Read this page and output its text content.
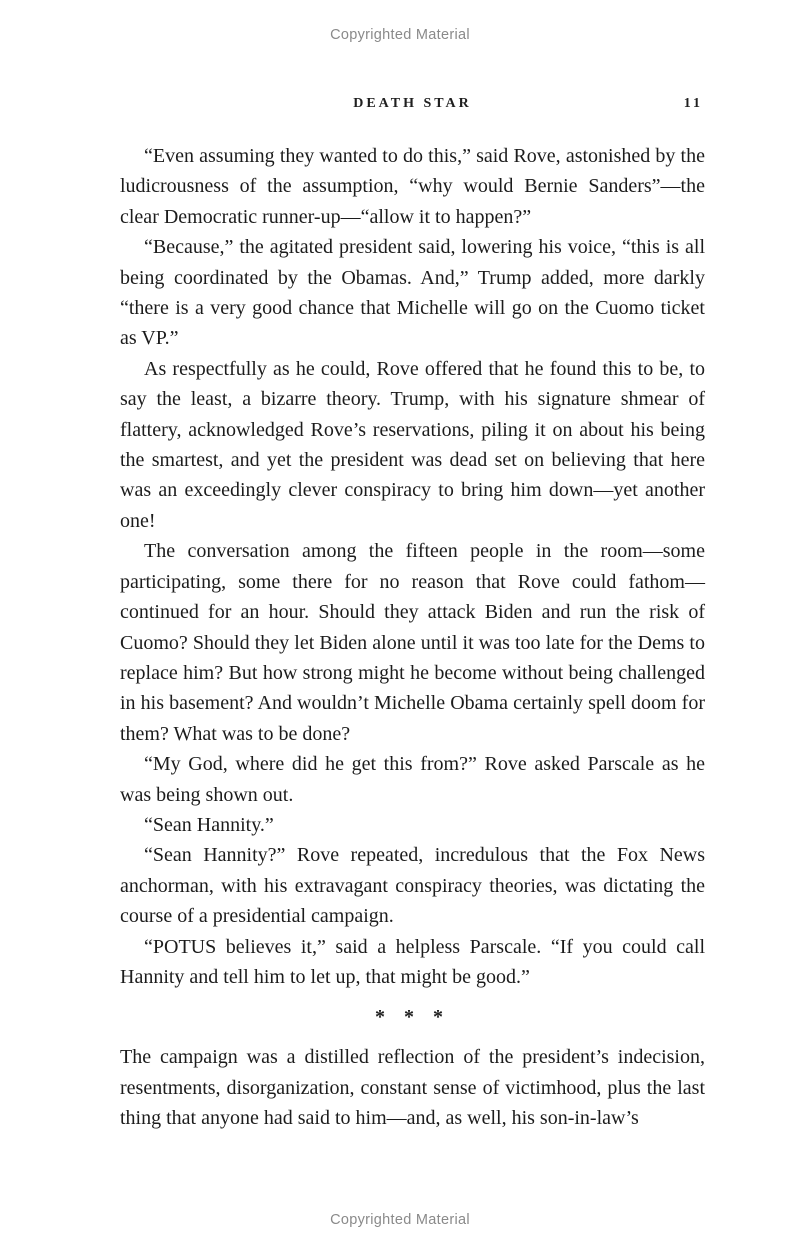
Copyrighted Material
DEATH STAR	11

“Even assuming they wanted to do this,” said Rove, astonished by the ludicrousness of the assumption, “why would Bernie Sanders”—the clear Democratic runner-up—“allow it to happen?”

“Because,” the agitated president said, lowering his voice, “this is all being coordinated by the Obamas. And,” Trump added, more darkly “there is a very good chance that Michelle will go on the Cuomo ticket as VP.”

As respectfully as he could, Rove offered that he found this to be, to say the least, a bizarre theory. Trump, with his signature shmear of flattery, acknowledged Rove’s reservations, piling it on about his being the smartest, and yet the president was dead set on believing that here was an exceedingly clever conspiracy to bring him down—yet another one!

The conversation among the fifteen people in the room—some participating, some there for no reason that Rove could fathom—continued for an hour. Should they attack Biden and run the risk of Cuomo? Should they let Biden alone until it was too late for the Dems to replace him? But how strong might he become without being challenged in his basement? And wouldn’t Michelle Obama certainly spell doom for them? What was to be done?

“My God, where did he get this from?” Rove asked Parscale as he was being shown out.

“Sean Hannity.”

“Sean Hannity?” Rove repeated, incredulous that the Fox News anchorman, with his extravagant conspiracy theories, was dictating the course of a presidential campaign.

“POTUS believes it,” said a helpless Parscale. “If you could call Hannity and tell him to let up, that might be good.”

* * *

The campaign was a distilled reflection of the president’s indecision, resentments, disorganization, constant sense of victimhood, plus the last thing that anyone had said to him—and, as well, his son-in-law’s

Copyrighted Material
